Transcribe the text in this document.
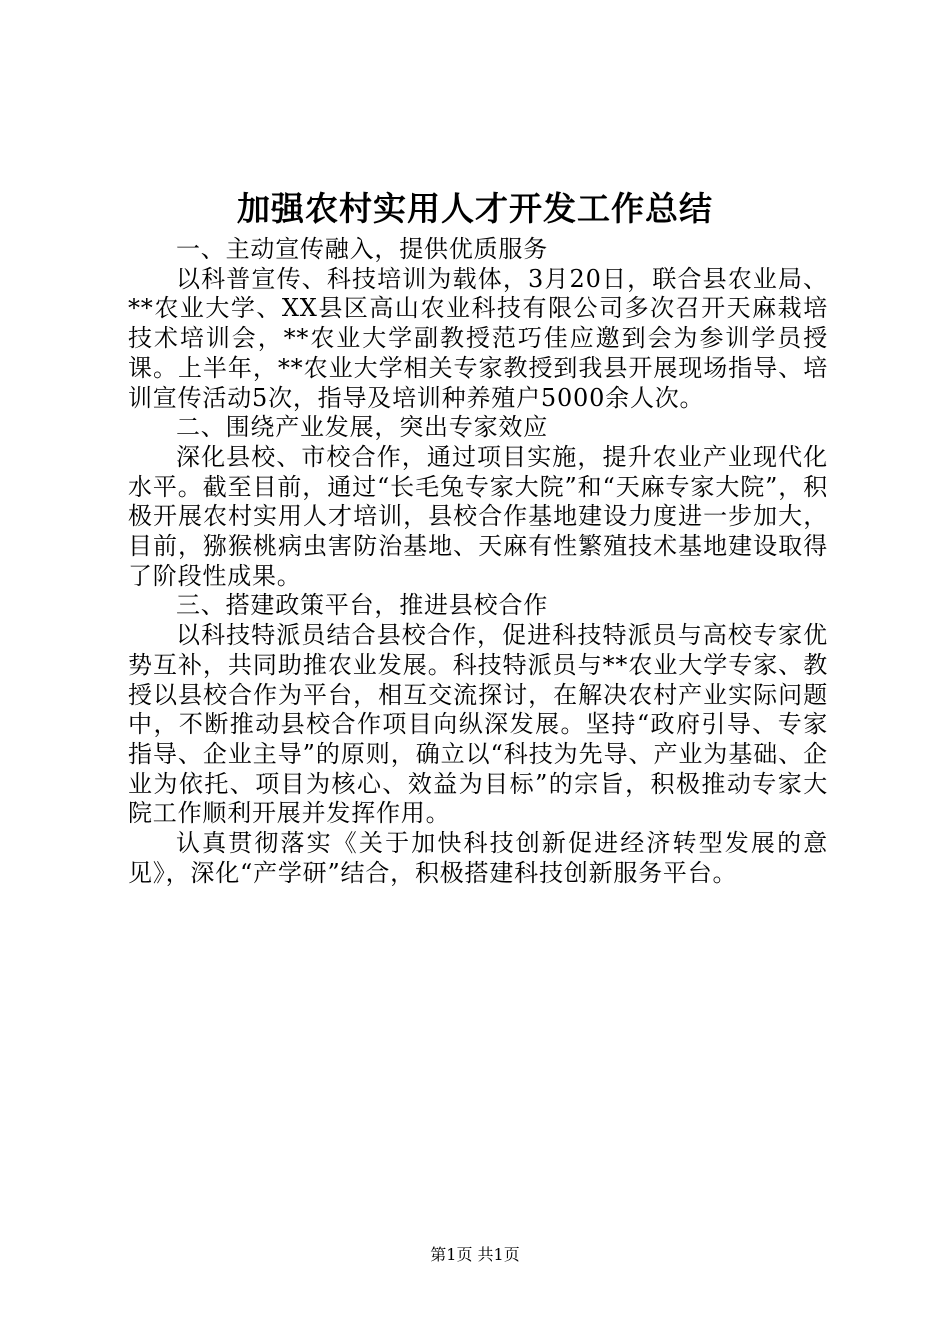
加强农村实用人才开发工作总结

一、主动宣传融入，提供优质服务

以科普宣传、科技培训为载体，3月20日，联合县农业局、**农业大学、XX县区高山农业科技有限公司多次召开天麻栽培技术培训会，**农业大学副教授范巧佳应邀到会为参训学员授课。上半年，**农业大学相关专家教授到我县开展现场指导、培训宣传活动5次，指导及培训种养殖户5000余人次。

二、围绕产业发展，突出专家效应

深化县校、市校合作，通过项目实施，提升农业产业现代化水平。截至目前，通过“长毛兔专家大院”和“天麻专家大院”，积极开展农村实用人才培训，县校合作基地建设力度进一步加大，目前，猕猴桃病虫害防治基地、天麻有性繁殖技术基地建设取得了阶段性成果。

三、搭建政策平台，推进县校合作

以科技特派员结合县校合作，促进科技特派员与高校专家优势互补，共同助推农业发展。科技特派员与**农业大学专家、教授以县校合作为平台，相互交流探讨，在解决农村产业实际问题中，不断推动县校合作项目向纵深发展。坚持“政府引导、专家指导、企业主导”的原则，确立以“科技为先导、产业为基础、企业为依托、项目为核心、效益为目标”的宗旨，积极推动专家大院工作顺利开展并发挥作用。

认真贯彻落实《关于加快科技创新促进经济转型发展的意见》，深化“产学研”结合，积极搭建科技创新服务平台。

第1页 共1页
